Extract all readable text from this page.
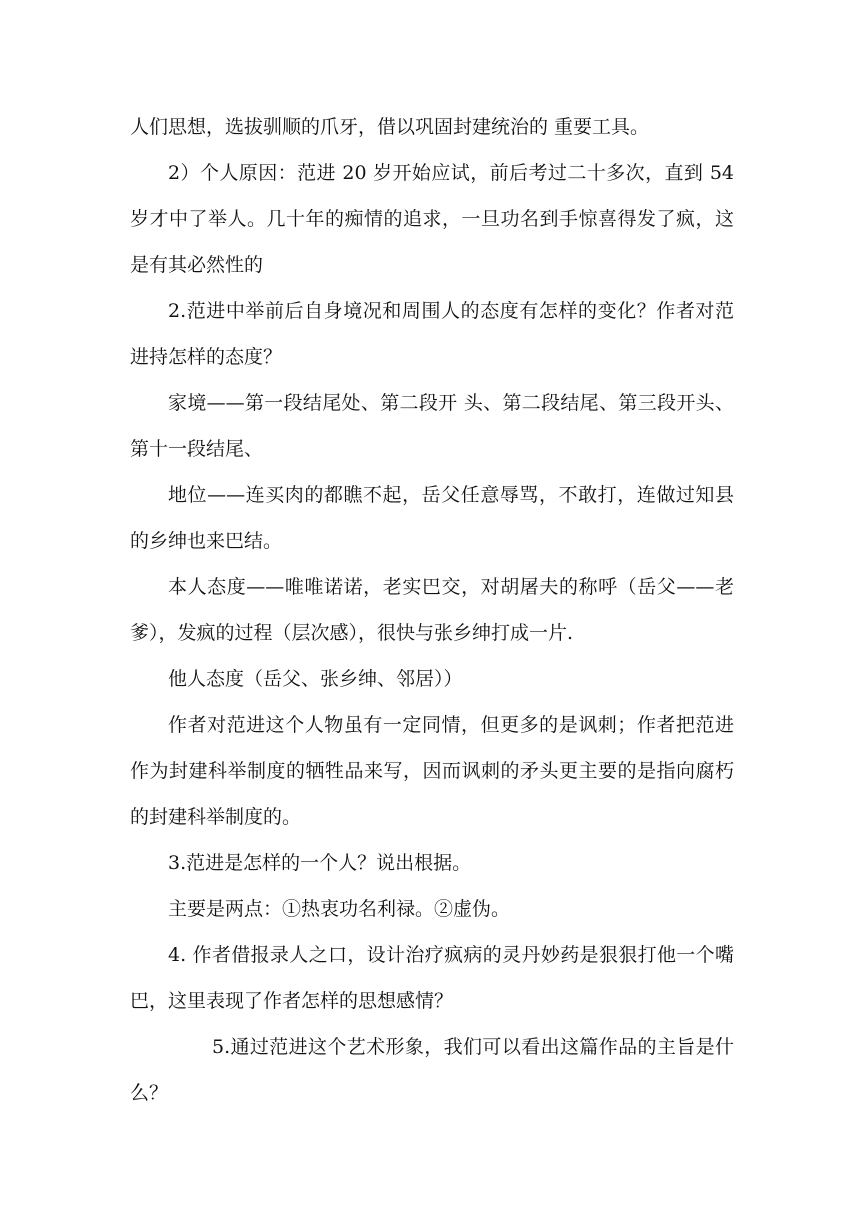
人们思想，选拔驯顺的爪牙，借以巩固封建统治的 重要工具。

2）个人原因：范进 20 岁开始应试，前后考过二十多次，直到 54 岁才中了举人。几十年的痴情的追求，一旦功名到手惊喜得发了疯，这是有其必然性的

2.范进中举前后自身境况和周围人的态度有怎样的变化？作者对范进持怎样的态度？

家境——第一段结尾处、第二段开 头、第二段结尾、第三段开头、第十一段结尾、

地位——连买肉的都瞧不起，岳父任意辱骂，不敢打，连做过知县的乡绅也来巴结。

本人态度——唯唯诺诺，老实巴交，对胡屠夫的称呼（岳父——老爹），发疯的过程（层次感），很快与张乡绅打成一片.

他人态度（岳父、张乡绅、邻居））

作者对范进这个人物虽有一定同情，但更多的是讽刺；作者把范进作为封建科举制度的牺牲品来写，因而讽刺的矛头更主要的是指向腐朽的封建科举制度的。

3.范进是怎样的一个人？说出根据。

主要是两点：①热衷功名利禄。②虚伪。

4. 作者借报录人之口，设计治疗疯病的灵丹妙药是狠狠打他一个嘴巴，这里表现了作者怎样的思想感情？

5.通过范进这个艺术形象，我们可以看出这篇作品的主旨是什么？
